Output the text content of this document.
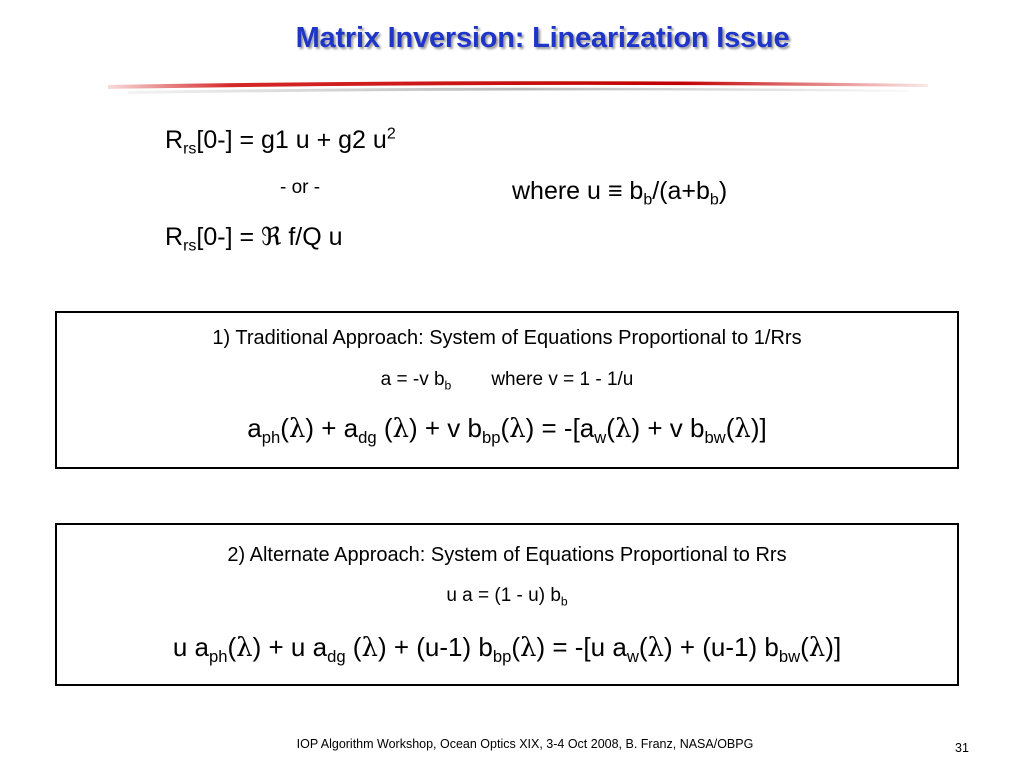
Matrix Inversion: Linearization Issue
$R_{rs}[0-] = g1$ u + g2 $u^2$
- or -
$R_{rs}[0-]$ = ℜ f/Q u
where $u \equiv b_b/(a+b_b)$
1) Traditional Approach: System of Equations Proportional to 1/Rrs
a = -v $b_b$ where v = 1 - 1/u
$a_{ph}(\lambda) + a_{dg}$ (λ) + v $b_{bp}(\lambda) = -[a_w(\lambda) + v$ $b_{bw}(\lambda)$]
2) Alternate Approach: System of Equations Proportional to Rrs
u a = (1 - u) $b_b$
u $a_{ph}(\lambda) + u$ $a_{dg}$ (λ) + (u-1) $b_{bp}(\lambda) = -[u$ $a_w(\lambda) + (u-1)$ $b_{bw}(\lambda)$]
IOP Algorithm Workshop, Ocean Optics XIX, 3-4 Oct 2008, B. Franz, NASA/OBPG	31
